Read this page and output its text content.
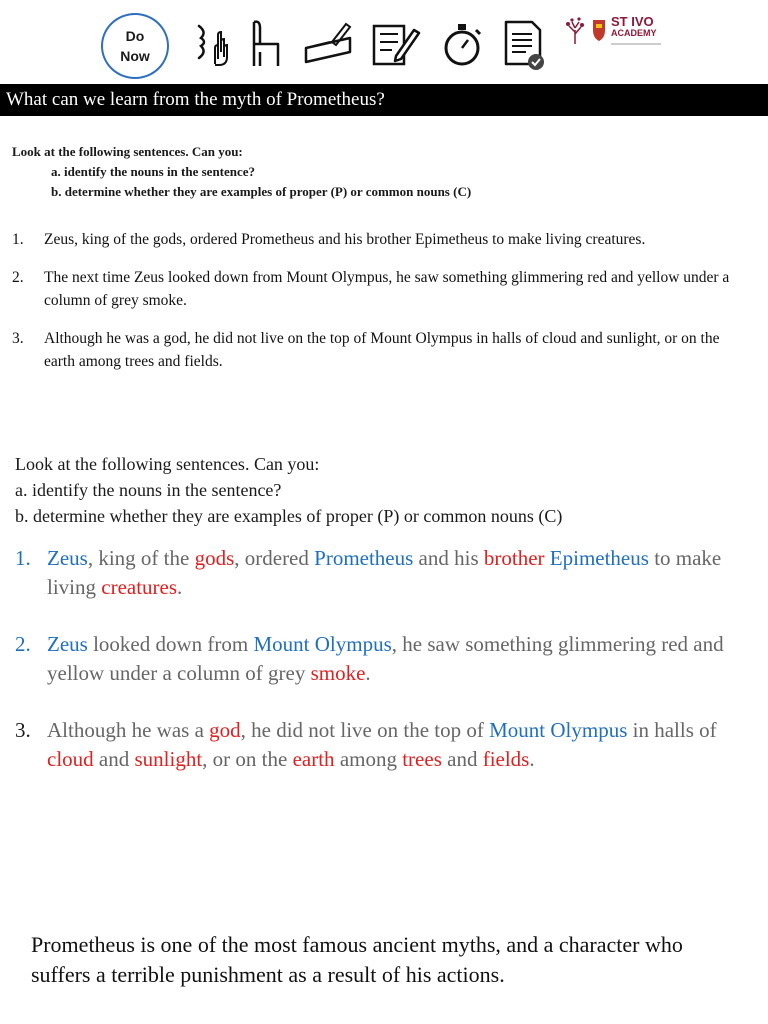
Do
Now
ST IVO
ACADEMY
What can we learn from the myth of Prometheus?
Look at the following sentences. Can you:
a. identify the nouns in the sentence?
b. determine whether they are examples of proper (P) or common nouns (C)
1.	Zeus, king of the gods, ordered Prometheus and his brother Epimetheus to make living creatures.
2.	The next time Zeus looked down from Mount Olympus, he saw something glimmering red and yellow under a column of grey smoke.
3.	Although he was a god, he did not live on the top of Mount Olympus in halls of cloud and sunlight, or on the earth among trees and fields.
Look at the following sentences. Can you:
a. identify the nouns in the sentence?
b. determine whether they are examples of proper (P) or common nouns (C)
1. Zeus, king of the gods, ordered Prometheus and his brother Epimetheus to make living creatures.
2. Zeus looked down from Mount Olympus, he saw something glimmering red and yellow under a column of grey smoke.
3. Although he was a god, he did not live on the top of Mount Olympus in halls of cloud and sunlight, or on the earth among trees and fields.
Prometheus is one of the most famous ancient myths, and a character who suffers a terrible punishment as a result of his actions.
